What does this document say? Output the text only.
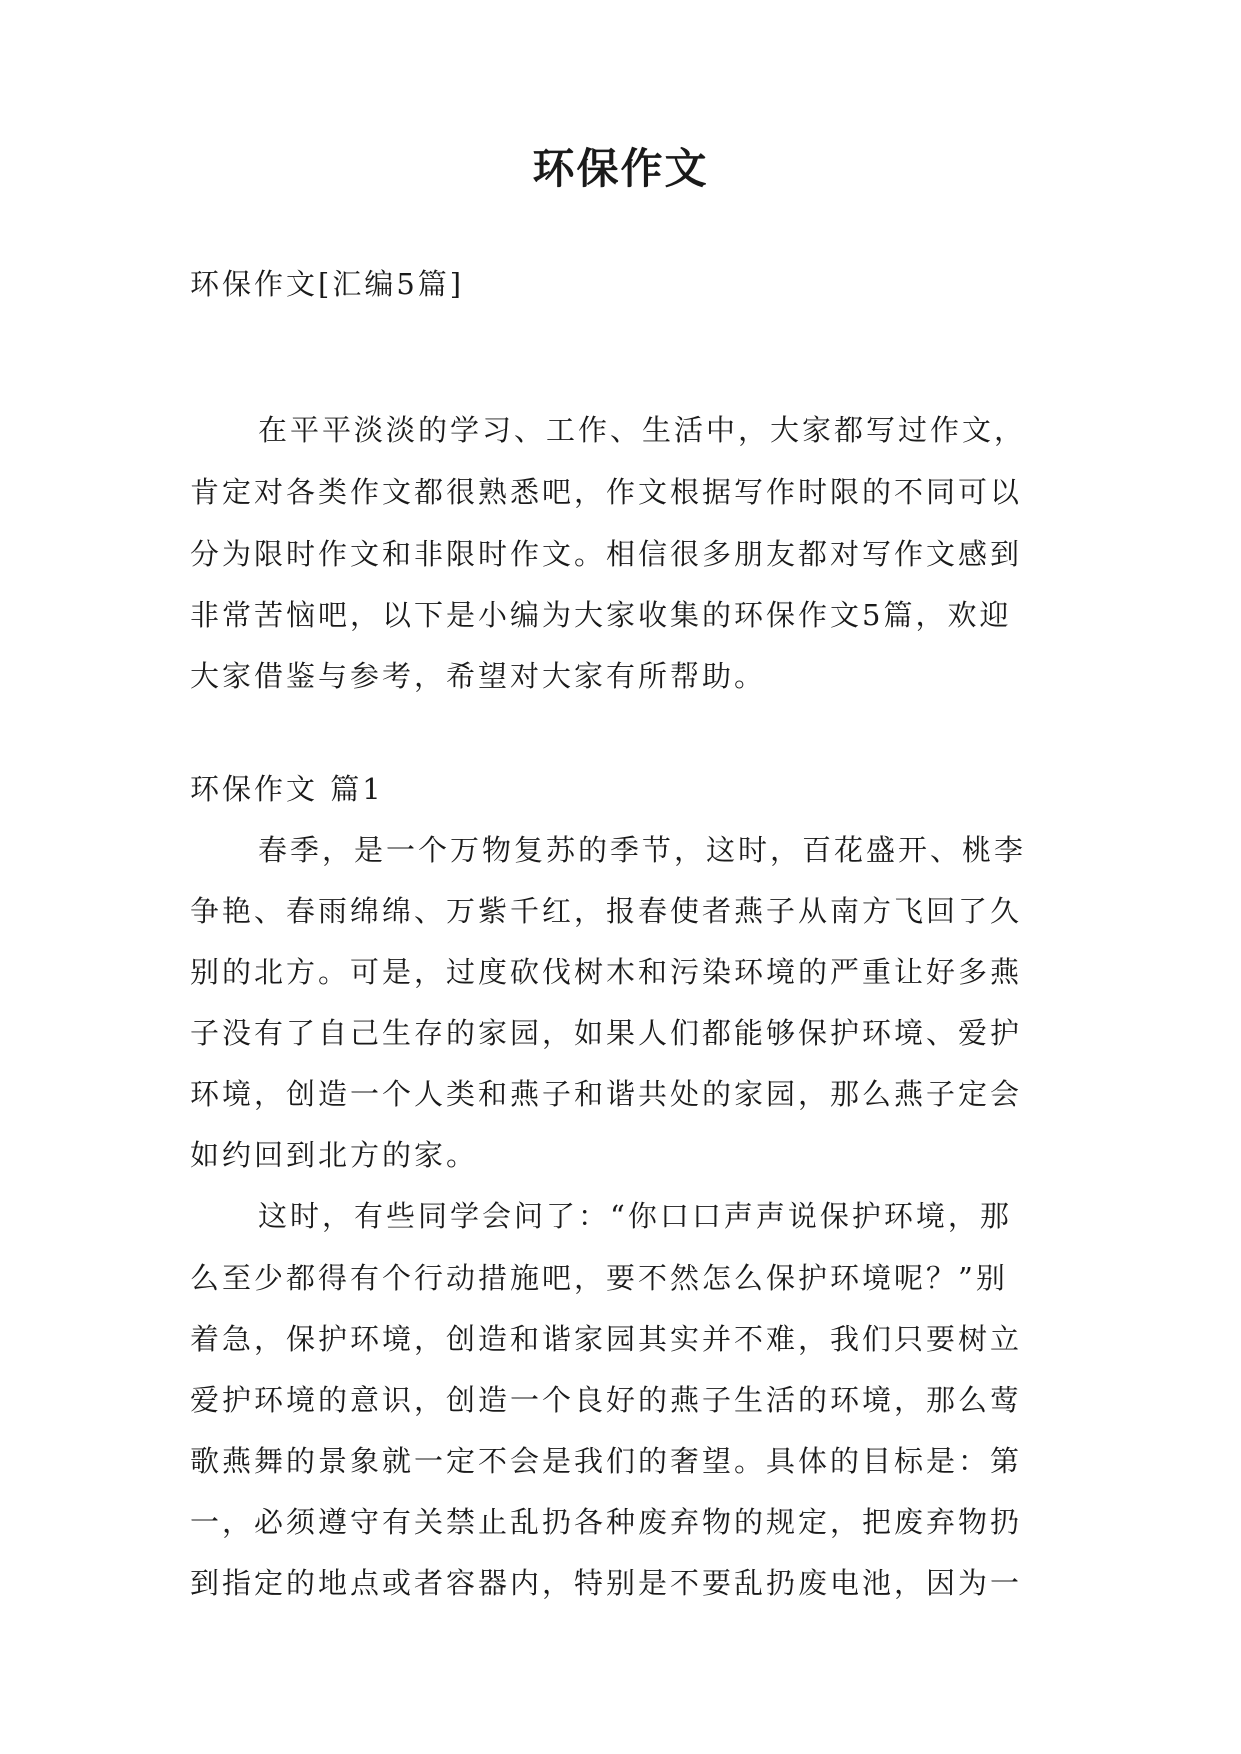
环保作文

环保作文[汇编5篇]

在平平淡淡的学习、工作、生活中，大家都写过作文，

肯定对各类作文都很熟悉吧，作文根据写作时限的不同可以

分为限时作文和非限时作文。相信很多朋友都对写作文感到

非常苦恼吧，以下是小编为大家收集的环保作文5篇，欢迎

大家借鉴与参考，希望对大家有所帮助。

环保作文 篇1

春季，是一个万物复苏的季节，这时，百花盛开、桃李

争艳、春雨绵绵、万紫千红，报春使者燕子从南方飞回了久

别的北方。可是，过度砍伐树木和污染环境的严重让好多燕

子没有了自己生存的家园，如果人们都能够保护环境、爱护

环境，创造一个人类和燕子和谐共处的家园，那么燕子定会

如约回到北方的家。

这时，有些同学会问了：“你口口声声说保护环境，那

么至少都得有个行动措施吧，要不然怎么保护环境呢？”别

着急，保护环境，创造和谐家园其实并不难，我们只要树立

爱护环境的意识，创造一个良好的燕子生活的环境，那么莺

歌燕舞的景象就一定不会是我们的奢望。具体的目标是：第

一，必须遵守有关禁止乱扔各种废弃物的规定，把废弃物扔

到指定的地点或者容器内，特别是不要乱扔废电池，因为一
